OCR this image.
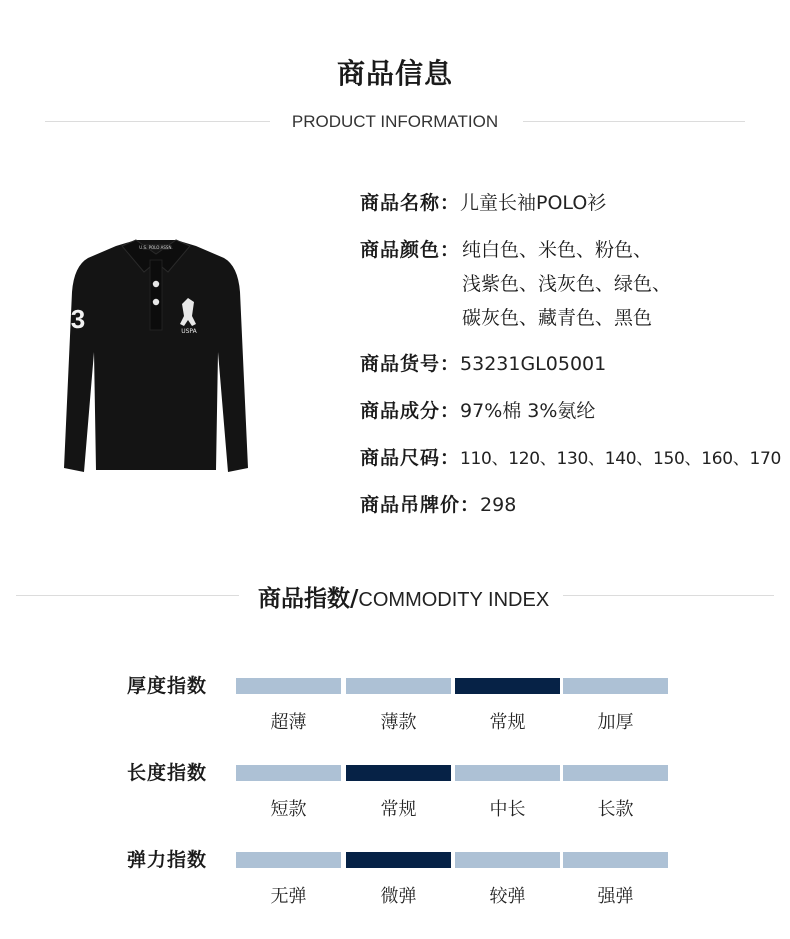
商品信息
PRODUCT INFORMATION
U.S. POLO ASSN.
USPA
3
商品名称：儿童长袖POLO衫
商品颜色： 纯白色、米色、粉色、
浅紫色、浅灰色、绿色、
碳灰色、藏青色、黑色
商品货号：53231GL05001
商品成分：97%棉 3%氨纶
商品尺码：110、120、130、140、150、160、170
商品吊牌价：298
商品指数/COMMODITY INDEX
厚度指数
超薄	薄款	常规	加厚
长度指数
短款	常规	中长	长款
弹力指数
无弹	微弹	较弹	强弹
